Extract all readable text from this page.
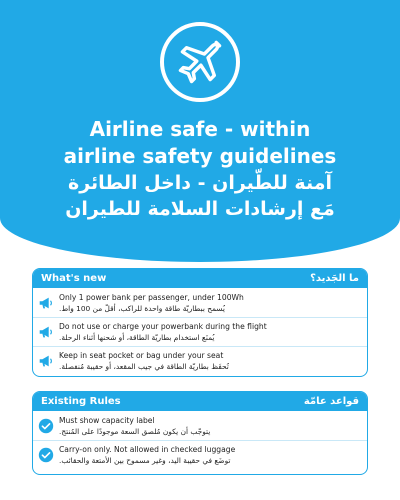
Airline safe - within
airline safety guidelines
آمنة للطّيران - داخل الطائرة
مَع إرشادات السلامة للطيران
What's new	ما الجَديد؟
Only 1 power bank per passenger, under 100Wh
يُسمح ببطاريّة طاقة واحدة للراكب، أقلّ من 100 واط.
Do not use or charge your powerbank during the flight
يُمنَع استخدام بطاريّة الطاقة، أو شحنها أثناء الرحلة.
Keep in seat pocket or bag under your seat
تُحفَظ بطاريّة الطاقة في جيب المقعد، أو حقيبة مُنفصلة.
Existing Rules	قواعد عامّة
Must show capacity label
يتوجّب أن يكون مُلصق السعة موجودًا على المُنتج.
Carry-on only. Not allowed in checked luggage
توضَع في حقيبة اليد، وغير مسموح بين الأمتعة والحقائب.
